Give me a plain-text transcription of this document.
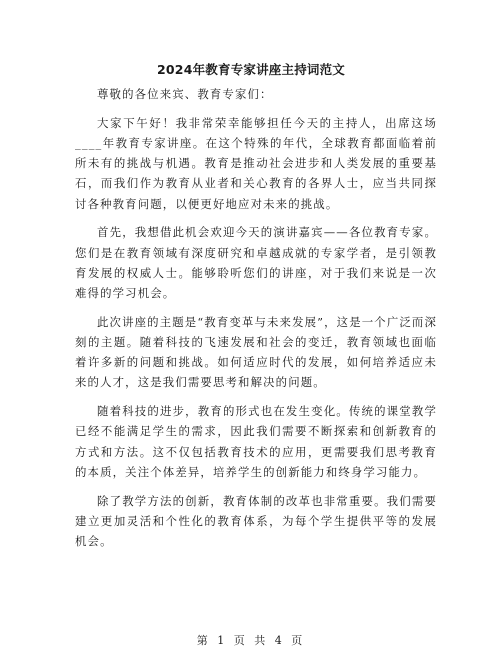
2024年教育专家讲座主持词范文

尊敬的各位来宾、教育专家们：

大家下午好！我非常荣幸能够担任今天的主持人，出席这场____年教育专家讲座。在这个特殊的年代，全球教育都面临着前所未有的挑战与机遇。教育是推动社会进步和人类发展的重要基石，而我们作为教育从业者和关心教育的各界人士，应当共同探讨各种教育问题，以便更好地应对未来的挑战。

首先，我想借此机会欢迎今天的演讲嘉宾——各位教育专家。您们是在教育领域有深度研究和卓越成就的专家学者，是引领教育发展的权威人士。能够聆听您们的讲座，对于我们来说是一次难得的学习机会。

此次讲座的主题是“教育变革与未来发展”，这是一个广泛而深刻的主题。随着科技的飞速发展和社会的变迁，教育领域也面临着许多新的问题和挑战。如何适应时代的发展，如何培养适应未来的人才，这是我们需要思考和解决的问题。

随着科技的进步，教育的形式也在发生变化。传统的课堂教学已经不能满足学生的需求，因此我们需要不断探索和创新教育的方式和方法。这不仅包括教育技术的应用，更需要我们思考教育的本质，关注个体差异，培养学生的创新能力和终身学习能力。

除了教学方法的创新，教育体制的改革也非常重要。我们需要建立更加灵活和个性化的教育体系，为每个学生提供平等的发展机会。

第 1 页 共 4 页
